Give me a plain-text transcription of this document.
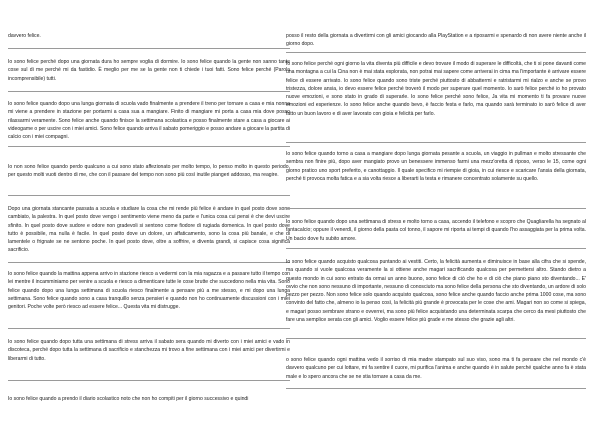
davvero felice.

Io sono felice perché dopo una giornata dura ho sempre voglia di dormire. Io sono felice quando la gente non sanno tante cose sul di me perché mi da fastidio. È meglio per me se la gente non ti chiede i tuoi fatti. Sono felice perché (Parola incomprensibile) tutti.

Io sono felice quando dopo una lunga giornata di scuola vado finalmente a prendere il treno per tornare a casa e mia nonna mi viene a prendere in stazione per portarmi a casa sua a mangiare. Finito di mangiare mi porta a casa mia dove posso rilassarmi veramente. Sono felice anche quando finisce la settimana scolastica e posso finalmente stare a casa a giocare ai videogame o per uscire con i miei amici. Sono felice quando arriva il sabato pomeriggio e posso andare a giocare la partita di calcio con i miei compagni.

Io non sono felice quando perdo qualcuno a cui sono stato affezionato per molto tempo, lo penso molto in questo periodo, per questo molti vuoti dentro di me, che con il passare del tempo non sono più così inutile piangeri addosso, ma reagire.

Dopo una giornata stancante passata a scuola e studiare la cosa che mi rende più felice è andare in quel posto dove sono cambiato, la palestra. In quel posto dove vengo i sentimento viene meno da parte e l'unica cosa cui pensi è che devi uscire sfinito. In quel posto dove sudore e odore non gradevoli si sentono come fiodore di rugiada domenica. In quel posto dove tutto è possibile, ma nulla è facile. In quel posto dove un dolore, un affaticamento, sono la cosa più banale, e che di lamentele o frignate se ne sentono poche. In quel posto dove, oltre a soffrire, e diventa grandi, si capisce cosa significa sacrificio.

Io sono felice quando la mattina appena arrivo in stazione riesco a vedermi con la mia ragazza e a passare tutto il tempo con lei mentre il incamminiamo per venire a scuola e riesco a dimenticare tutte le cose brutte che succedono nella mia vita. Sono felice quando dopo una lunga settimana di scuola riesco finalmente a pensare più a me stesso, e mi dopo una lunga settimana. Sono felice quando sono a casa tranquillo senza pensieri e quando non ho continuamente discussioni con i miei genitori. Poche volte però riesco ad essere felice... Questa vita mi distrugge.

Io sono felice quando dopo tutta una settimana di stress arriva il sabato sera quando mi diverto con i miei amici e vado in discoteca, perché dopo tutta la settimana di sacrificio e stanchezza mi trovo a fine settimana con i miei amici per divertirmi e liberarmi di tutto.

Io sono felice quando a prendo il diario scolastico noto che non ho compiti per il giorno successivo e quindi

posso il resto della giornata a divertirmi con gli amici giocando alla PlayStation e a riposarmi e spenardo di non avere niente anche il giorno dopo.

Io sono felice perché ogni giorno la vita diventa più difficile e devo trovare il modo di superare le difficoltà, che ti si pone davanti come una montagna a cui la Cina non è mai stata esplorata, non potrai mai sapere come arriverai in cima ma l'importante è arrivare essere felice di essere arrivato. Io sono felice quando sono triste perché piuttosto di abbattermi e ratristarmi mi rialzo e anche se provo tristezza, dolore ansia, io devo essere felice perché troverò il modo per superare quel momento. Io sarò felice perché io ho provato nuove emozioni, e sono stato in grado di superarle. Io sono felice perché sono felice, Ja vita mi momento ti fa provare nuove emozioni ed esperienze. Io sono felice anche quando bevo, è faccio festa e farlo, ma quando sarà terminato io sarò felice di aver fatto un buon lavoro e di aver lavorato con gioia e felicità per farlo.

Io sono felice quando torno a casa a mangiare dopo lunga giornata pesante a scuola, un viaggio in pullman e molto stressante che sembra non finire più, dopo aver mangiato provo un benessere immenso farmi una mezz'oretta di riposo, verso le 15, come ogni giorno pratico uno sport preferito, e canottaggio. Il quale specifico mi riempie di gioia, in cui riesce e scaricare l'ansia della giornata, perché ti provoca molta fatica e a sia volta riesce a liberarti la testa e rimanere concentrato solamente su quello.

Io sono felice quando dopo una settimana di stress e molto torno a casa, accendo il telefono e scopro che Quagliarella ha segnato al fantacalcio; oppure il venerdì, il giorno della pasta col tonno, il sapore mi riporta ai tempi di quando l'ho assaggiata per la prima volta. Un bacio dove fu subito amore.

Io sono felice quando acquisto qualcosa puntando ai vestiti. Certo, la felicità aumenta e diminuisce in base alla cifra che si spende, ma quando si vuole qualcosa veramente la si ottiene anche magari sacrificando qualcosa per permettersi altro. Stando dietro a questo mondo in cui sono entrato da ormai un anno buono, sono felice di ciò che ho e di ciò che piano piano sto diventando... E' ovvio che non sono nessuno di importante, nessuno di conosciuto ma sono felice della persona che sto diventando, un ardore di solo pezzo per pezzo. Non sono felice solo quando acquisto qualcosa, sono felice anche quando faccio anche prima 1000 cose, ma sono convinto del fatto che, almeno io la penso così, la felicità più grande è provocata per le cose che ami. Magari non so come si spiega, e magari posso sembrare strano e ovverrei, ma sono più felice acquistando una determinata scarpa che cerco da mesi piuttosto che fare una semplice serata con gli amici. Voglio essere felice più grade e me stesso che grazie agli altri.

o sono felice quando ogni mattina vedo il sorriso di mia madre stampato sul suo viso, sono ma ti fa pensare che nel mondo c'è davvero qualcuno per cui lottare, mi fa sentire il cuore, mi purifica l'anima e anche quando è in salute perché qualche anno fa è stata male e lo spero ancora che se ne stia tornare a casa da me.
